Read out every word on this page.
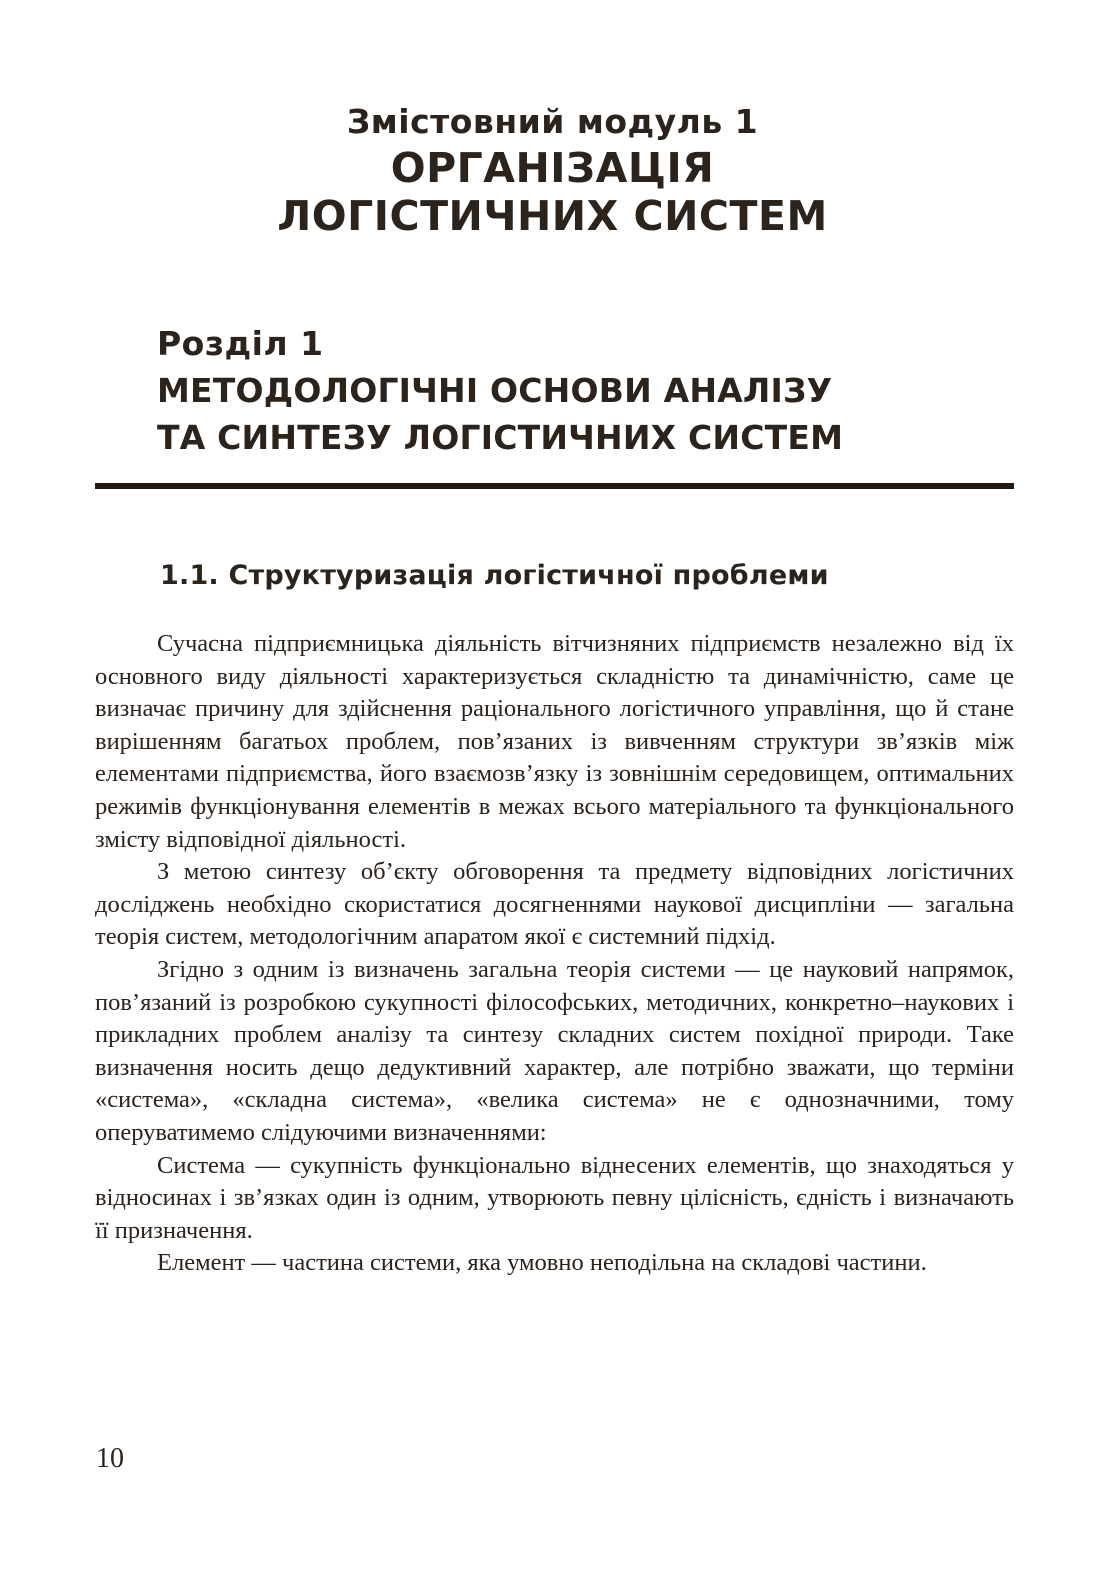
Змістовний модуль 1
ОРГАНІЗАЦІЯ
ЛОГІСТИЧНИХ СИСТЕМ
Розділ 1
МЕТОДОЛОГІЧНІ ОСНОВИ АНАЛІЗУ
ТА СИНТЕЗУ ЛОГІСТИЧНИХ СИСТЕМ
1.1. Структуризація логістичної проблеми

Сучасна підприємницька діяльність вітчизняних підприємств незалежно від їх основного виду діяльності характеризується складністю та динамічністю, саме це визначає причину для здійснення раціонального логістичного управління, що й стане вирішенням багатьох проблем, пов’язаних із вивченням структури зв’язків між елементами підприємства, його взаємозв’язку із зовнішнім середовищем, оптимальних режимів функціонування елементів в межах всього матеріального та функціонального змісту відповідної діяльності.

З метою синтезу об’єкту обговорення та предмету відповідних логістичних досліджень необхідно скористатися досягненнями наукової дисципліни — загальна теорія систем, методологічним апаратом якої є системний підхід.

Згідно з одним із визначень загальна теорія системи — це науковий напрямок, пов’язаний із розробкою сукупності філософських, методичних, конкретно–наукових і прикладних проблем аналізу та синтезу складних систем похідної природи. Таке визначення носить дещо дедуктивний характер, але потрібно зважати, що терміни «система», «складна система», «велика система» не є однозначними, тому оперуватимемо слідуючими визначеннями:

Система — сукупність функціонально віднесених елементів, що знаходяться у відносинах і зв’язках один із одним, утворюють певну цілісність, єдність і визначають її призначення.

Елемент — частина системи, яка умовно неподільна на складові частини.

10
